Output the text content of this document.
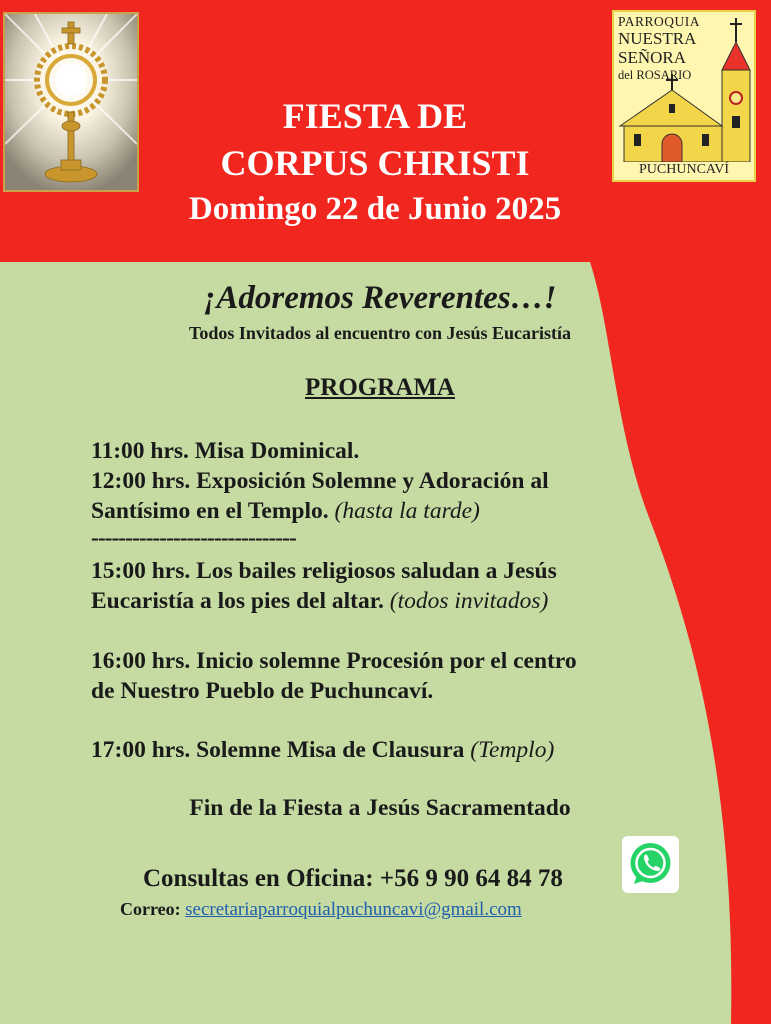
PARROQUIA
NUESTRA
SEÑORA
del ROSARIO
PUCHUNCAVÍ
FIESTA DE
CORPUS CHRISTI
Domingo 22 de Junio 2025
¡Adoremos Reverentes…!
Todos Invitados al encuentro con Jesús Eucaristía
PROGRAMA
11:00 hrs. Misa Dominical.
12:00 hrs. Exposición Solemne y Adoración al
Santísimo en el Templo. (hasta la tarde)
------------------------------
15:00 hrs. Los bailes religiosos saludan a Jesús
Eucaristía a los pies del altar. (todos invitados)
16:00 hrs. Inicio solemne Procesión por el centro
de Nuestro Pueblo de Puchuncaví.
17:00 hrs. Solemne Misa de Clausura (Templo)
Fin de la Fiesta a Jesús Sacramentado
Consultas en Oficina: +56 9 90 64 84 78
Correo: secretariaparroquialpuchuncavi@gmail.com
